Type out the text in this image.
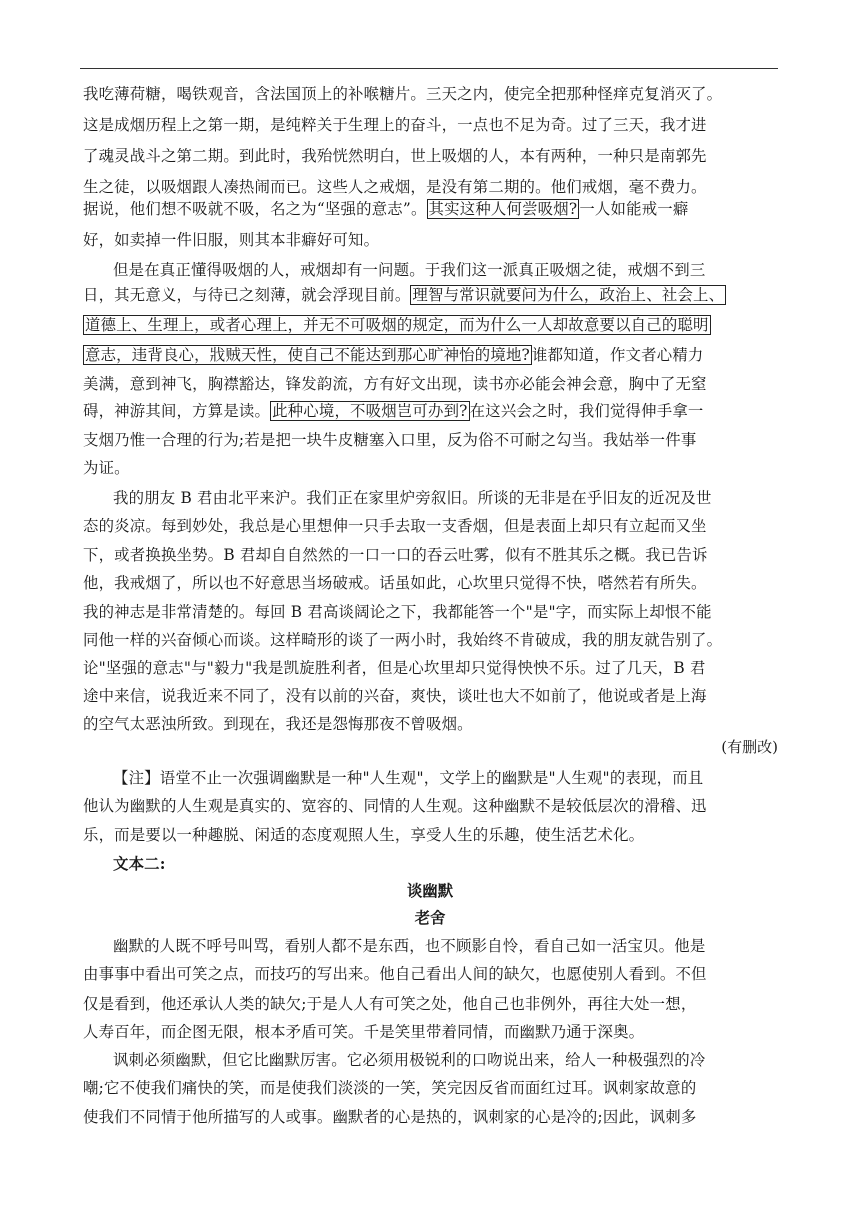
我吃薄荷糖，喝铁观音，含法国顶上的补喉糖片。三天之内，使完全把那种怪痒克复消灭了。
这是成烟历程上之第一期，是纯粹关于生理上的奋斗，一点也不足为奇。过了三天，我才进
了魂灵战斗之第二期。到此时，我殆恍然明白，世上吸烟的人，本有两种，一种只是南郭先
生之徒，以吸烟跟人凑热闹而已。这些人之戒烟，是没有第二期的。他们戒烟，毫不费力。
据说，他们想不吸就不吸，名之为“坚强的意志”。 其实这种人何尝吸烟? 一人如能戒一癖
好，如卖掉一件旧服，则其本非癖好可知。
但是在真正懂得吸烟的人，戒烟却有一问题。于我们这一派真正吸烟之徒，戒烟不到三
日，其无意义，与待已之刻薄，就会浮现目前。 理智与常识就要问为什么，政治上、社会上、
道德上、生理上，或者心理上，并无不可吸烟的规定，而为什么一人却故意要以自己的聪明
意志，违背良心，戕贼天性，使自己不能达到那心旷神怡的境地? 谁都知道，作文者心精力
美满，意到神飞，胸襟豁达，锋发韵流，方有好文出现，读书亦必能会神会意，胸中了无窒
碍，神游其间，方算是读。 此种心境，不吸烟岂可办到? 在这兴会之时，我们觉得伸手拿一
支烟乃惟一合理的行为;若是把一块牛皮糖塞入口里，反为俗不可耐之勾当。我姑举一件事
为证。
我的朋友 B 君由北平来沪。我们正在家里炉旁叙旧。所谈的无非是在乎旧友的近况及世
态的炎凉。每到妙处，我总是心里想伸一只手去取一支香烟，但是表面上却只有立起而又坐
下，或者换换坐势。B 君却自自然然的一口一口的吞云吐雾，似有不胜其乐之概。我已告诉
他，我戒烟了，所以也不好意思当场破戒。话虽如此，心坎里只觉得不快，嗒然若有所失。
我的神志是非常清楚的。每回 B 君高谈阔论之下，我都能答一个"是"字，而实际上却恨不能
同他一样的兴奋倾心而谈。这样畸形的谈了一两小时，我始终不肯破成，我的朋友就告别了。
论"坚强的意志"与"毅力"我是凯旋胜利者，但是心坎里却只觉得怏怏不乐。过了几天，B 君
途中来信，说我近来不同了，没有以前的兴奋，爽快，谈吐也大不如前了，他说或者是上海
的空气太恶浊所致。到现在，我还是怨悔那夜不曾吸烟。
(有删改)
【注】语堂不止一次强调幽默是一种"人生观"，文学上的幽默是"人生观"的表现，而且
他认为幽默的人生观是真实的、宽容的、同情的人生观。这种幽默不是较低层次的滑稽、迅
乐，而是要以一种趣脱、闲适的态度观照人生，享受人生的乐趣，使生活艺术化。
文本二:
谈幽默
老舍
幽默的人既不呼号叫骂，看别人都不是东西，也不顾影自怜，看自己如一活宝贝。他是
由事事中看出可笑之点，而技巧的写出来。他自己看出人间的缺欠，也愿使别人看到。不但
仅是看到，他还承认人类的缺欠;于是人人有可笑之处，他自己也非例外，再往大处一想，
人寿百年，而企图无限，根本矛盾可笑。千是笑里带着同情，而幽默乃通于深奥。
讽刺必须幽默，但它比幽默厉害。它必须用极锐利的口吻说出来，给人一种极强烈的冷
嘲;它不使我们痛快的笑，而是使我们淡淡的一笑，笑完因反省而面红过耳。讽刺家故意的
使我们不同情于他所描写的人或事。幽默者的心是热的，讽刺家的心是冷的;因此，讽刺多
